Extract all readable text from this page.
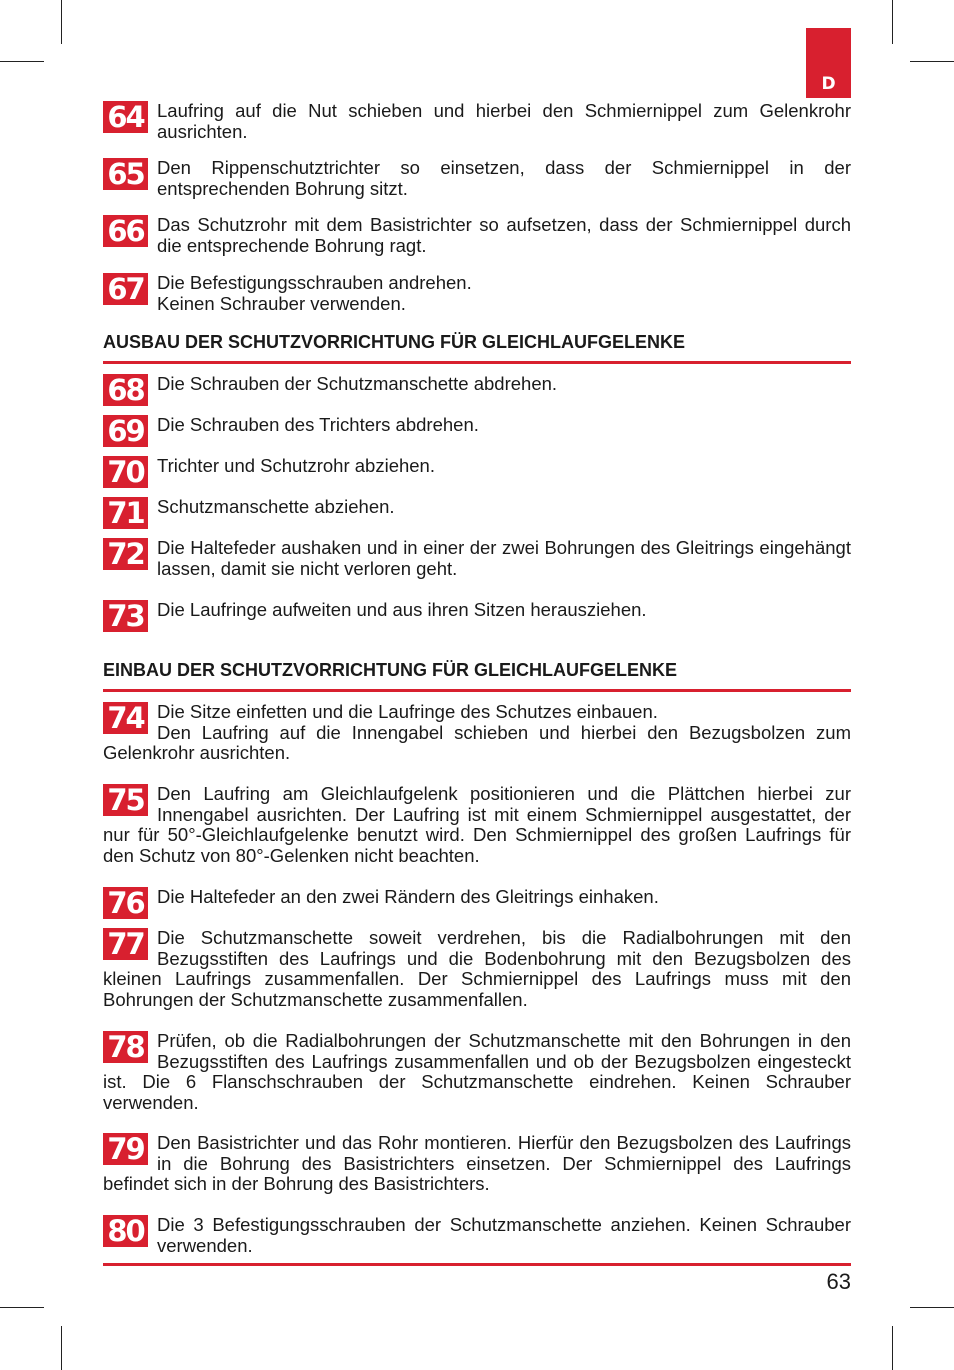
D
64 Laufring auf die Nut schieben und hierbei den Schmiernippel zum Gelenkrohr ausrichten.

65 Den Rippenschutztrichter so einsetzen, dass der Schmiernippel in der entsprechenden Bohrung sitzt.

66 Das Schutzrohr mit dem Basistrichter so aufsetzen, dass der Schmiernippel durch die entsprechende Bohrung ragt.

67 Die Befestigungsschrauben andrehen.
Keinen Schrauber verwenden.

AUSBAU DER SCHUTZVORRICHTUNG FÜR GLEICHLAUFGELENKE
68 Die Schrauben der Schutzmanschette abdrehen.

69 Die Schrauben des Trichters abdrehen.

70 Trichter und Schutzrohr abziehen.

71 Schutzmanschette abziehen.

72 Die Haltefeder aushaken und in einer der zwei Bohrungen des Gleitrings eingehängt lassen, damit sie nicht verloren geht.

73 Die Laufringe aufweiten und aus ihren Sitzen herausziehen.

EINBAU DER SCHUTZVORRICHTUNG FÜR GLEICHLAUFGELENKE
74 Die Sitze einfetten und die Laufringe des Schutzes einbauen.
Den Laufring auf die Innengabel schieben und hierbei den Bezugsbolzen zum Gelenkrohr ausrichten.

75 Den Laufring am Gleichlaufgelenk positionieren und die Plättchen hierbei zur Innengabel ausrichten. Der Laufring ist mit einem Schmiernippel ausgestattet, der nur für 50°-Gleichlaufgelenke benutzt wird. Den Schmiernippel des großen Laufrings für den Schutz von 80°-Gelenken nicht beachten.

76 Die Haltefeder an den zwei Rändern des Gleitrings einhaken.

77 Die Schutzmanschette soweit verdrehen, bis die Radialbohrungen mit den Bezugsstiften des Laufrings und die Bodenbohrung mit den Bezugsbolzen des kleinen Laufrings zusammenfallen. Der Schmiernippel des Laufrings muss mit den Bohrungen der Schutzmanschette zusammenfallen.

78 Prüfen, ob die Radialbohrungen der Schutzmanschette mit den Bohrungen in den Bezugsstiften des Laufrings zusammenfallen und ob der Bezugsbolzen eingesteckt ist. Die 6 Flanschschrauben der Schutzmanschette eindrehen. Keinen Schrauber verwenden.

79 Den Basistrichter und das Rohr montieren. Hierfür den Bezugsbolzen des Laufrings in die Bohrung des Basistrichters einsetzen. Der Schmiernippel des Laufrings befindet sich in der Bohrung des Basistrichters.

80 Die 3 Befestigungsschrauben der Schutzmanschette anziehen. Keinen Schrauber verwenden.

63
